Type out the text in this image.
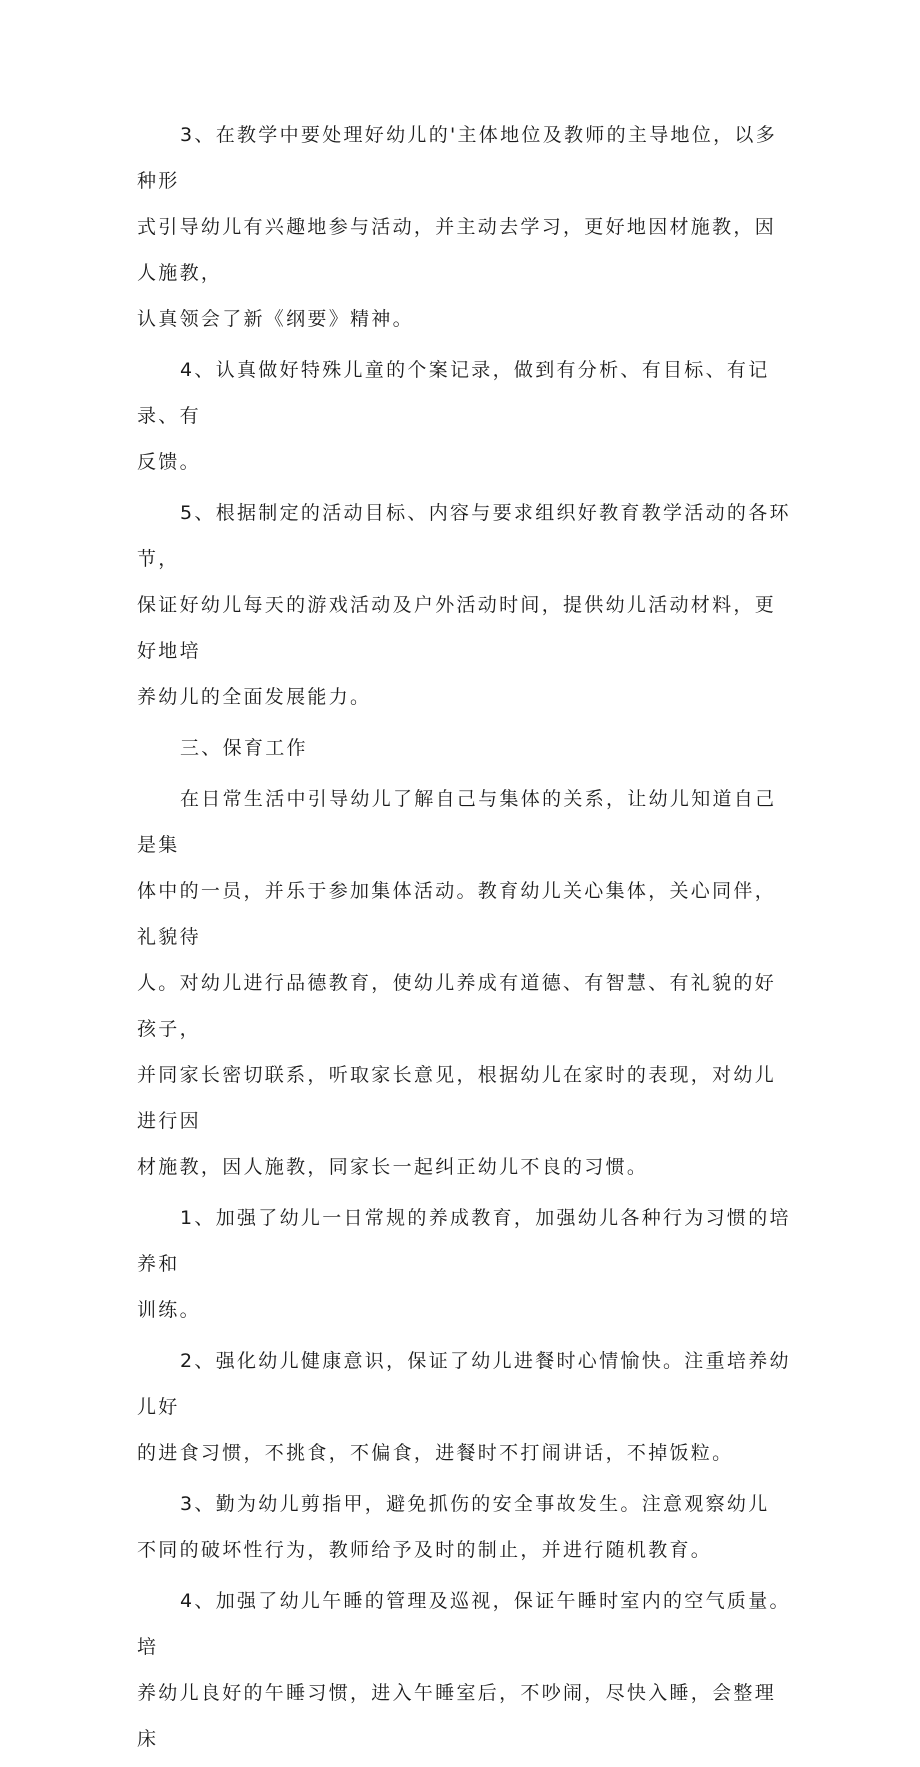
3、在教学中要处理好幼儿的'主体地位及教师的主导地位，以多种形
式引导幼儿有兴趣地参与活动，并主动去学习，更好地因材施教，因人施教，
认真领会了新《纲要》精神。

4、认真做好特殊儿童的个案记录，做到有分析、有目标、有记录、有
反馈。

5、根据制定的活动目标、内容与要求组织好教育教学活动的各环节，
保证好幼儿每天的游戏活动及户外活动时间，提供幼儿活动材料，更好地培
养幼儿的全面发展能力。

三、保育工作

在日常生活中引导幼儿了解自己与集体的关系，让幼儿知道自己是集
体中的一员，并乐于参加集体活动。教育幼儿关心集体，关心同伴，礼貌待
人。对幼儿进行品德教育，使幼儿养成有道德、有智慧、有礼貌的好孩子，
并同家长密切联系，听取家长意见，根据幼儿在家时的表现，对幼儿进行因
材施教，因人施教，同家长一起纠正幼儿不良的习惯。

1、加强了幼儿一日常规的养成教育，加强幼儿各种行为习惯的培养和
训练。

2、强化幼儿健康意识，保证了幼儿进餐时心情愉快。注重培养幼儿好
的进食习惯，不挑食，不偏食，进餐时不打闹讲话，不掉饭粒。

3、勤为幼儿剪指甲，避免抓伤的安全事故发生。注意观察幼儿
不同的破坏性行为，教师给予及时的制止，并进行随机教育。

4、加强了幼儿午睡的管理及巡视，保证午睡时室内的空气质量。培
养幼儿良好的午睡习惯，进入午睡室后，不吵闹，尽快入睡，会整理床
